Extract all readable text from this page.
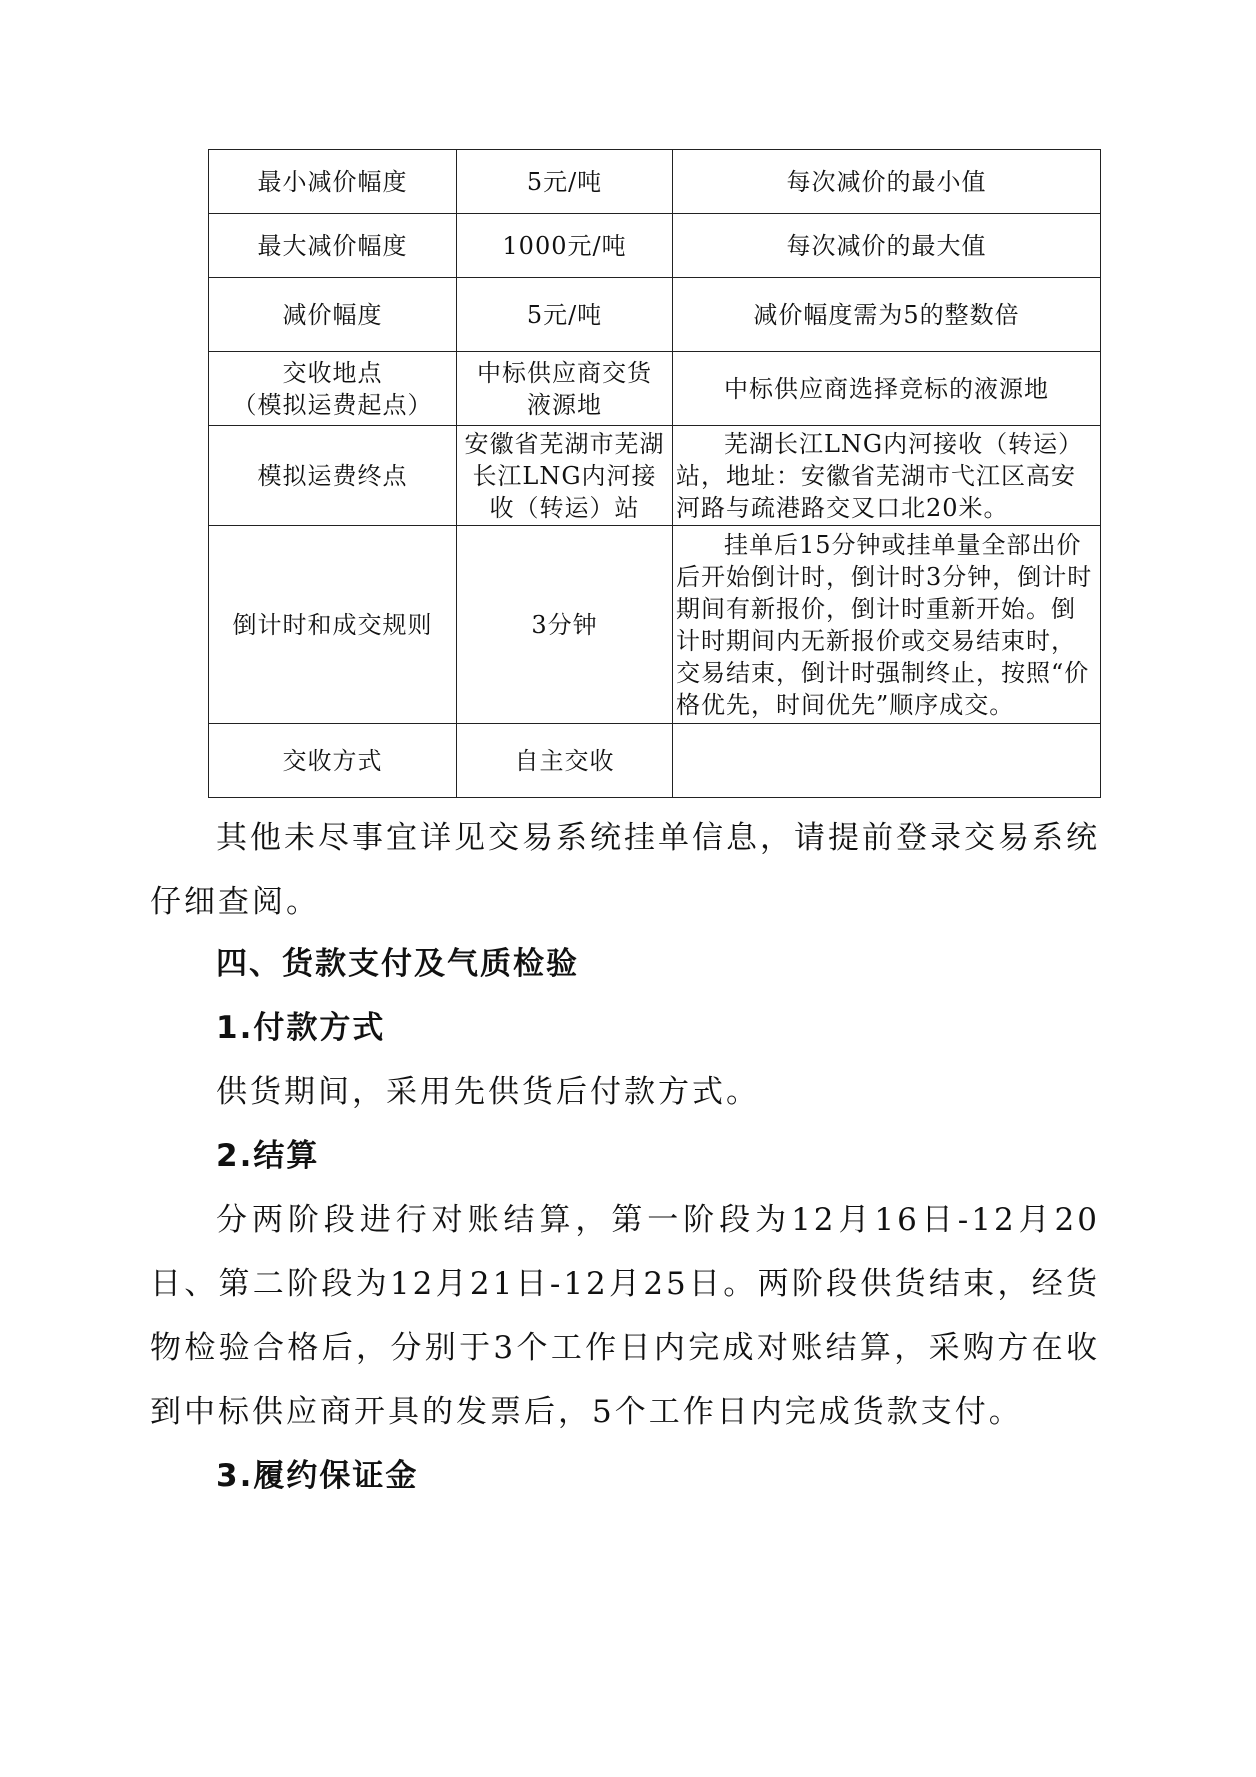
最小减价幅度	5元/吨	每次减价的最小值
最大减价幅度	1000元/吨	每次减价的最大值
减价幅度	5元/吨	减价幅度需为5的整数倍

交收地点
（模拟运费起点）	中标供应商交货液源地	中标供应商选择竞标的液源地
模拟运费终点	安徽省芜湖市芜湖长江LNG内河接收（转运）站	芜湖长江LNG内河接收（转运）站，地址：安徽省芜湖市弋江区高安河路与疏港路交叉口北20米。
倒计时和成交规则	3分钟	挂单后15分钟或挂单量全部出价后开始倒计时，倒计时3分钟，倒计时期间有新报价，倒计时重新开始。倒计时期间内无新报价或交易结束时，交易结束，倒计时强制终止，按照“价格优先，时间优先”顺序成交。
交收方式	自主交收	

其他未尽事宜详见交易系统挂单信息，请提前登录交易系统仔细查阅。

四、货款支付及气质检验
1.付款方式

供货期间，采用先供货后付款方式。

2.结算

分两阶段进行对账结算，第一阶段为12月16日-12月20日、第二阶段为12月21日-12月25日。两阶段供货结束，经货物检验合格后，分别于3个工作日内完成对账结算，采购方在收到中标供应商开具的发票后，5个工作日内完成货款支付。

3.履约保证金
